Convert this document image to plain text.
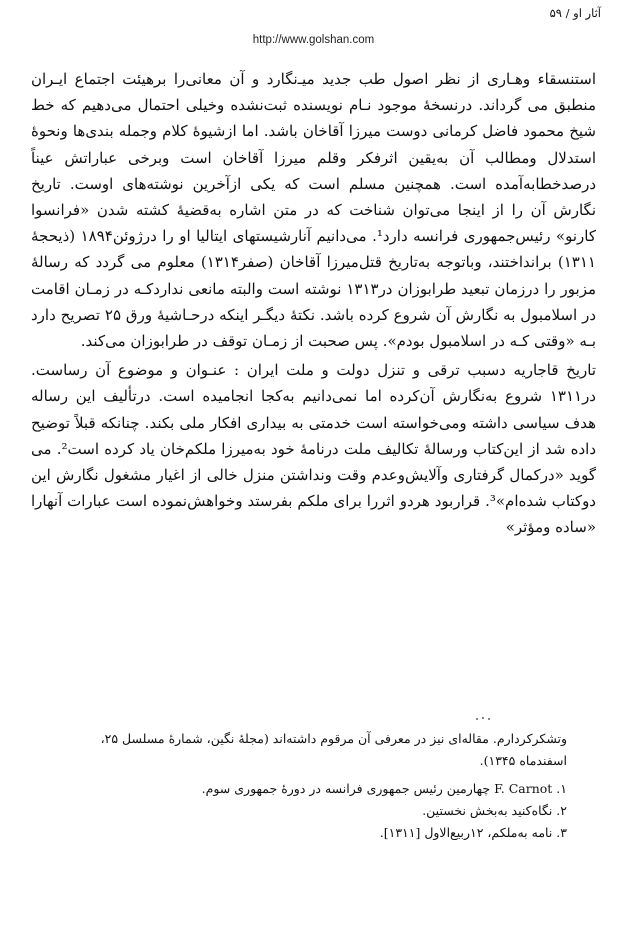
آثار او / ۵۹
http://www.golshan.com

استنسقاء وهـاری از نظر اصول طب جدید میـ‌نگارد و آن معانی‌را برهیئت اجتماع ایـران منطبق می‌ گرداند. درنسخهٔ موجود نـام نویسنده ثبت‌نشده وخیلی احتمال می‌دهیم که خط شیخ محمود فاضل کرمانی دوست میرزا آقاخان باشد. اما ازشیوهٔ کلام وجمله بندی‌ها ونحوهٔ استدلال ومطالب آن به‌یقین اثرفکر وقلم میرزا آقاخان است وبرخی عباراتش عیناً درصدخطابه‌آمده است. همچنین مسلم است که یکی ازآخرین نوشته‌های اوست. تاریخ نگارش آن را از اینجا می‌توان شناخت که در متن اشاره به‌قضیهٔ کشته شدن «فرانسوا کارنو» رئیس‌جمهوری فرانسه دارد¹. می‌دانیم آنارشیستهای ایتالیا او را درژوئن۱۸۹۴ (ذیحجهٔ ۱۳۱۱) برانداختند، وباتوجه به‌تاریخ قتل‌میرزا آقاخان (صفر۱۳۱۴) معلوم می‌ گردد که رسالهٔ مزبور را درزمان تبعید طرابوزان در۱۳۱۳ نوشته است والبته مانعی نداردکـه در زمـان اقامت در اسلامبول به نگارش آن شروع کرده باشد. نکتهٔ دیگـر اینکه درحـاشیهٔ ورق ۲۵ تصریح دارد بـه «وقتی کـه در اسلامبول بودم». پس صحبت از زمـان توقف در طرابوزان می‌کند.

تاریخ قاجاریه دسبب ترقی و تنزل دولت و ملت ایران : عنـوان و موضوع آن رساست. در۱۳۱۱ شروع به‌نگارش آن‌کرده اما نمی‌دانیم به‌کجا انجامیده است. درتألیف این رساله هدف سیاسی داشته ومی‌خواسته است خدمتی به بیداری افکار ملی بکند. چنانکه قبلاً توضیح داده شد از این‌کتاب ورسالهٔ تکالیف ملت درنامهٔ خود به‌میرزا ملکم‌خان یاد کرده است². می گوید «درکمال گرفتاری وآلایش‌وعدم وقت ونداشتن منزل خالی از اغیار مشغول نگارش این دوکتاب شده‌ام»³. قراربود هردو اثررا برای ملکم بفرستد وخواهش‌نموده است عبارات آنهارا «ساده ومؤثر»

وتشکرکردارم. مقاله‌ای نیز در معرفی آن مرقوم داشته‌اند (مجلهٔ نگین، شمارهٔ مسلسل ۲۵، اسفندماه ۱۳۴۵).

۱. F. Carnot چهارمین رئیس جمهوری فرانسه در دورهٔ جمهوری سوم.

۲. نگاه‌کنید به‌بخش نخستین.

۳. نامه به‌ملکم، ۱۲ربیع‌الاول [۱۳۱۱].
